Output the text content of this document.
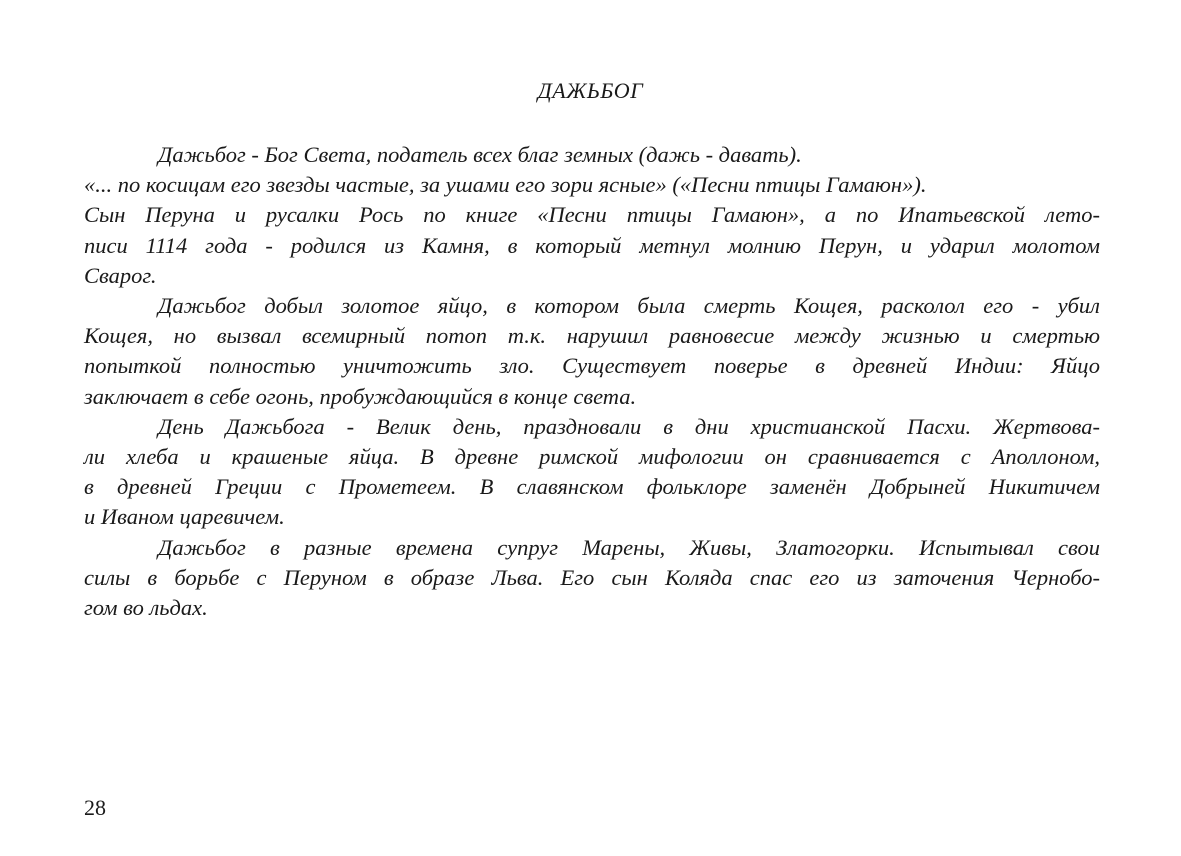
ДАЖЬБОГ
Дажьбог - Бог Света, податель всех благ земных (дажь - давать).
«... по косицам его звезды частые, за ушами его зори ясные» («Песни птицы Гамаюн»).
Сын Перуна и русалки Рось по книге «Песни птицы Гамаюн», а по Ипатьевской лето-
писи 1114 года - родился из Камня, в который метнул молнию Перун, и ударил молотом
Сварог.
Дажьбог добыл золотое яйцо, в котором была смерть Кощея, расколол его - убил
Кощея, но вызвал всемирный потоп т.к. нарушил равновесие между жизнью и смертью
попыткой полностью уничтожить зло. Существует поверье в древней Индии: Яйцо
заключает в себе огонь, пробуждающийся в конце света.
День Дажьбога - Велик день, праздновали в дни христианской Пасхи. Жертвова-
ли хлеба и крашеные яйца. В древне римской мифологии он сравнивается с Аполлоном,
в древней Греции с Прометеем. В славянском фольклоре заменён Добрыней Никитичем
и Иваном царевичем.
Дажьбог в разные времена супруг Марены, Живы, Златогорки. Испытывал свои
силы в борьбе с Перуном в образе Льва. Его сын Коляда спас его из заточения Чернобо-
гом во льдах.
28
